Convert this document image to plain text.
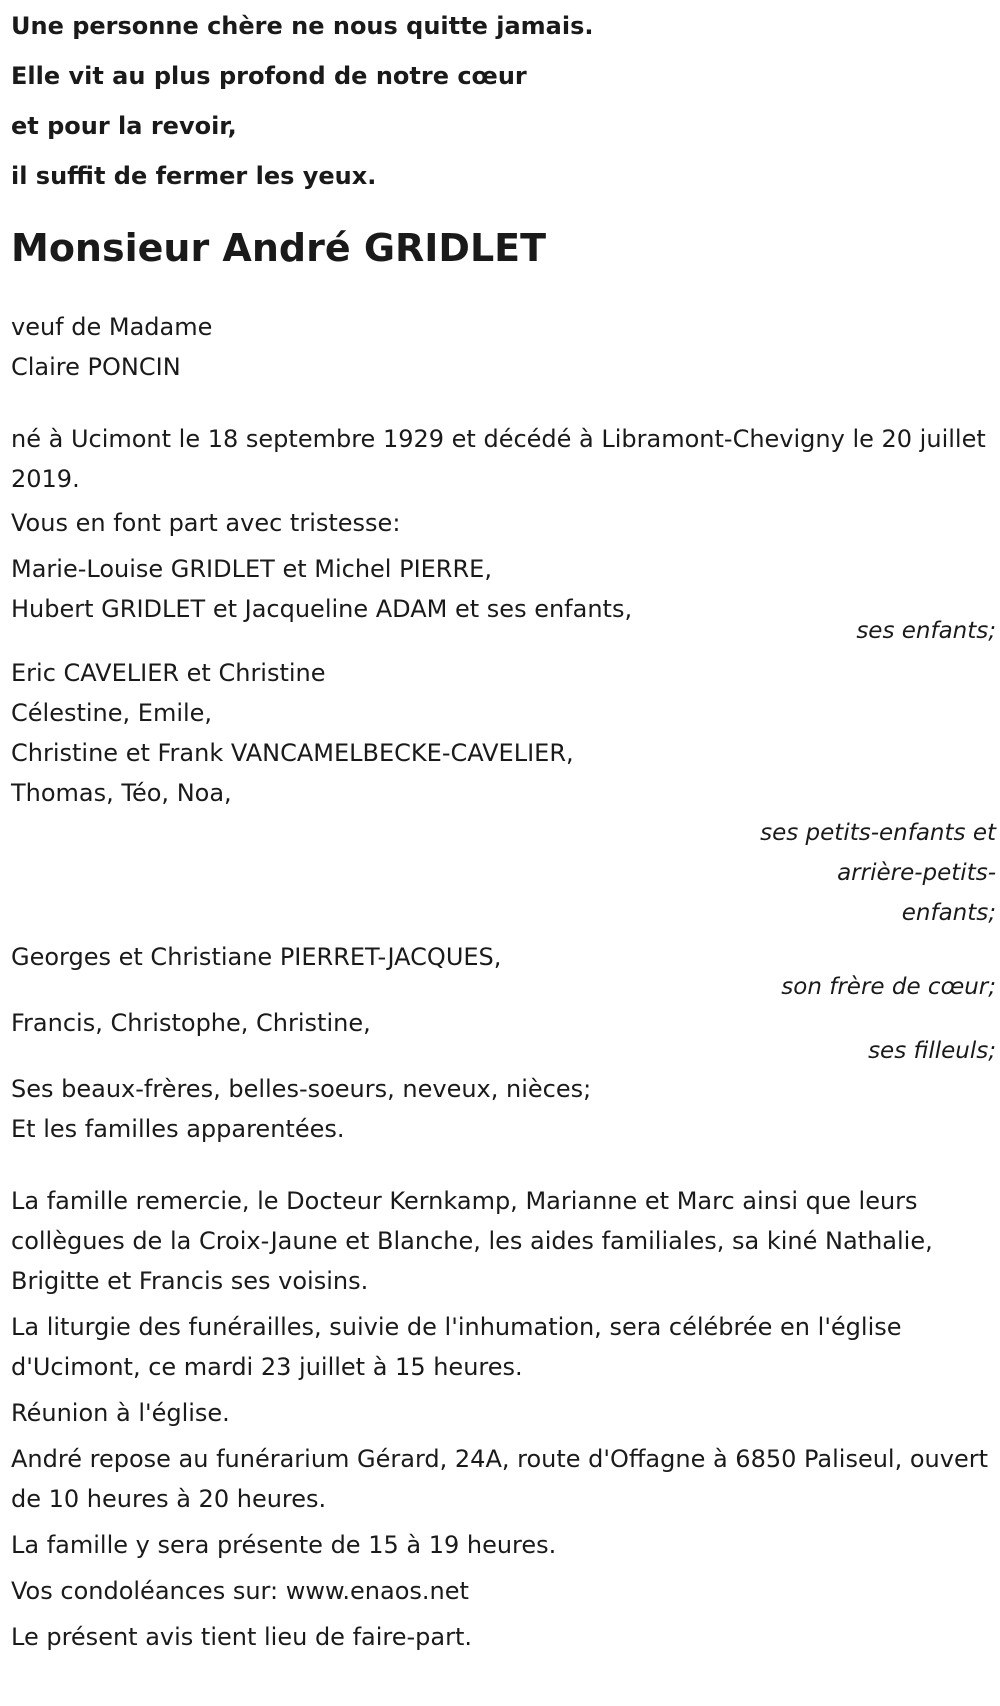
Une personne chère ne nous quitte jamais.
Elle vit au plus profond de notre cœur
et pour la revoir,
il suffit de fermer les yeux.
Monsieur André GRIDLET
veuf de Madame
Claire PONCIN
né à Ucimont le 18 septembre 1929 et décédé à Libramont-Chevigny le 20 juillet 2019.
Vous en font part avec tristesse:
Marie-Louise GRIDLET et Michel PIERRE,
Hubert GRIDLET et Jacqueline ADAM et ses enfants,
ses enfants;
Eric CAVELIER et Christine
Célestine, Emile,
Christine et Frank VANCAMELBECKE-CAVELIER,
Thomas, Téo, Noa,
ses petits-enfants et arrière-petits-enfants;
Georges et Christiane PIERRET-JACQUES,
son frère de cœur;
Francis, Christophe, Christine,
ses filleuls;
Ses beaux-frères, belles-soeurs, neveux, nièces;
Et les familles apparentées.
La famille remercie, le Docteur Kernkamp, Marianne et Marc ainsi que leurs collègues de la Croix-Jaune et Blanche, les aides familiales, sa kiné Nathalie, Brigitte et Francis ses voisins.
La liturgie des funérailles, suivie de l'inhumation, sera célébrée en l'église d'Ucimont, ce mardi 23 juillet à 15 heures.
Réunion à l'église.
André repose au funérarium Gérard, 24A, route d'Offagne à 6850 Paliseul, ouvert de 10 heures à 20 heures.
La famille y sera présente de 15 à 19 heures.
Vos condoléances sur: www.enaos.net
Le présent avis tient lieu de faire-part.
